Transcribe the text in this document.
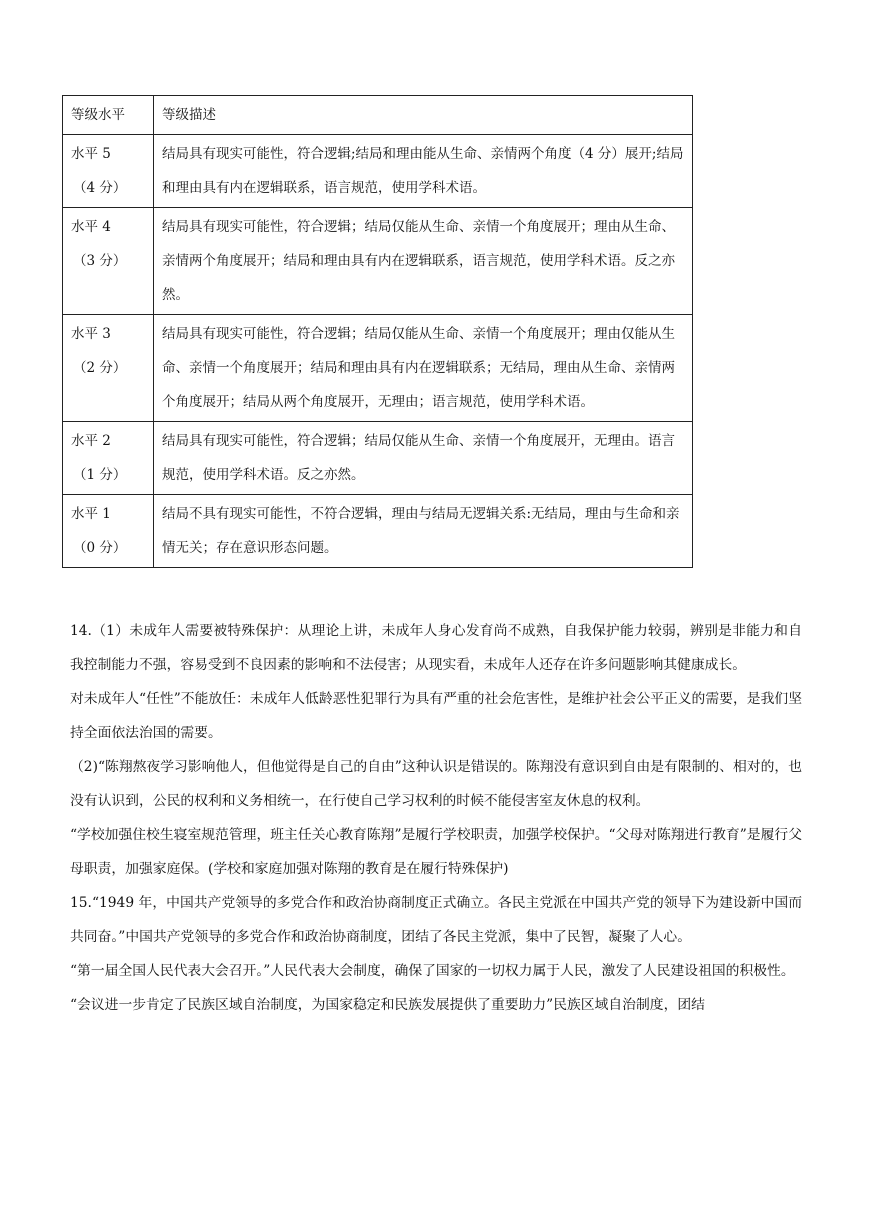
等级水平	等级描述

水平 5
（4 分）	结局具有现实可能性，符合逻辑;结局和理由能从生命、亲情两个角度（4 分）展开;结局和理由具有内在逻辑联系，语言规范，使用学科术语。

水平 4
（3 分）	结局具有现实可能性，符合逻辑；结局仅能从生命、亲情一个角度展开；理由从生命、亲情两个角度展开；结局和理由具有内在逻辑联系，语言规范，使用学科术语。反之亦然。

水平 3
（2 分）	结局具有现实可能性，符合逻辑；结局仅能从生命、亲情一个角度展开；理由仅能从生命、亲情一个角度展开；结局和理由具有内在逻辑联系；无结局，理由从生命、亲情两个角度展开；结局从两个角度展开，无理由；语言规范，使用学科术语。

水平 2
（1 分）	结局具有现实可能性，符合逻辑；结局仅能从生命、亲情一个角度展开，无理由。语言规范，使用学科术语。反之亦然。

水平 1
（0 分）	结局不具有现实可能性，不符合逻辑，理由与结局无逻辑关系:无结局，理由与生命和亲情无关；存在意识形态问题。

14.（1）未成年人需要被特殊保护：从理论上讲，未成年人身心发育尚不成熟，自我保护能力较弱，辨别是非能力和自我控制能力不强，容易受到不良因素的影响和不法侵害；从现实看，未成年人还存在许多问题影响其健康成长。

对未成年人“任性”不能放任：未成年人低龄恶性犯罪行为具有严重的社会危害性，是维护社会公平正义的需要，是我们坚持全面依法治国的需要。

（2)“陈翔熬夜学习影响他人，但他觉得是自己的自由”这种认识是错误的。陈翔没有意识到自由是有限制的、相对的，也没有认识到，公民的权利和义务相统一，在行使自己学习权利的时候不能侵害室友休息的权利。

“学校加强住校生寝室规范管理，班主任关心教育陈翔”是履行学校职责，加强学校保护。“父母对陈翔进行教育”是履行父母职责，加强家庭保。(学校和家庭加强对陈翔的教育是在履行特殊保护)

15.“1949 年，中国共产党领导的多党合作和政治协商制度正式确立。各民主党派在中国共产党的领导下为建设新中国而共同奋。”中国共产党领导的多党合作和政治协商制度，团结了各民主党派，集中了民智，凝聚了人心。

“第一届全国人民代表大会召开。”人民代表大会制度，确保了国家的一切权力属于人民，激发了人民建设祖国的积极性。

“会议进一步肯定了民族区域自治制度，为国家稳定和民族发展提供了重要助力”民族区域自治制度，团结
